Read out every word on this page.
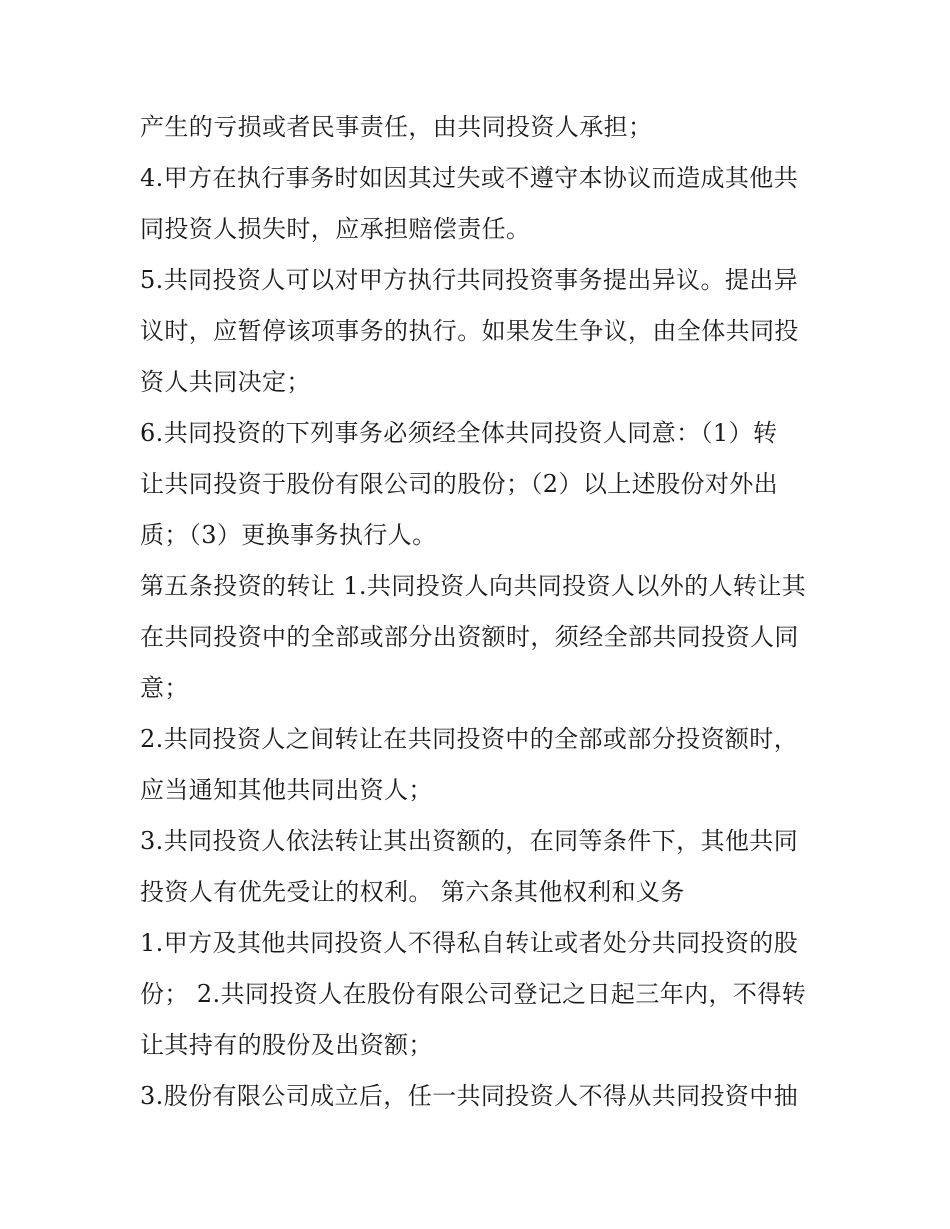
产生的亏损或者民事责任，由共同投资人承担；
4.甲方在执行事务时如因其过失或不遵守本协议而造成其他共
同投资人损失时，应承担赔偿责任。
5.共同投资人可以对甲方执行共同投资事务提出异议。提出异
议时，应暂停该项事务的执行。如果发生争议，由全体共同投
资人共同决定；
6.共同投资的下列事务必须经全体共同投资人同意：（1）转
让共同投资于股份有限公司的股份；（2）以上述股份对外出
质；（3）更换事务执行人。
第五条投资的转让 1.共同投资人向共同投资人以外的人转让其
在共同投资中的全部或部分出资额时，须经全部共同投资人同
意；
2.共同投资人之间转让在共同投资中的全部或部分投资额时，
应当通知其他共同出资人；
3.共同投资人依法转让其出资额的，在同等条件下，其他共同
投资人有优先受让的权利。 第六条其他权利和义务
1.甲方及其他共同投资人不得私自转让或者处分共同投资的股
份； 2.共同投资人在股份有限公司登记之日起三年内，不得转
让其持有的股份及出资额；
3.股份有限公司成立后，任一共同投资人不得从共同投资中抽
